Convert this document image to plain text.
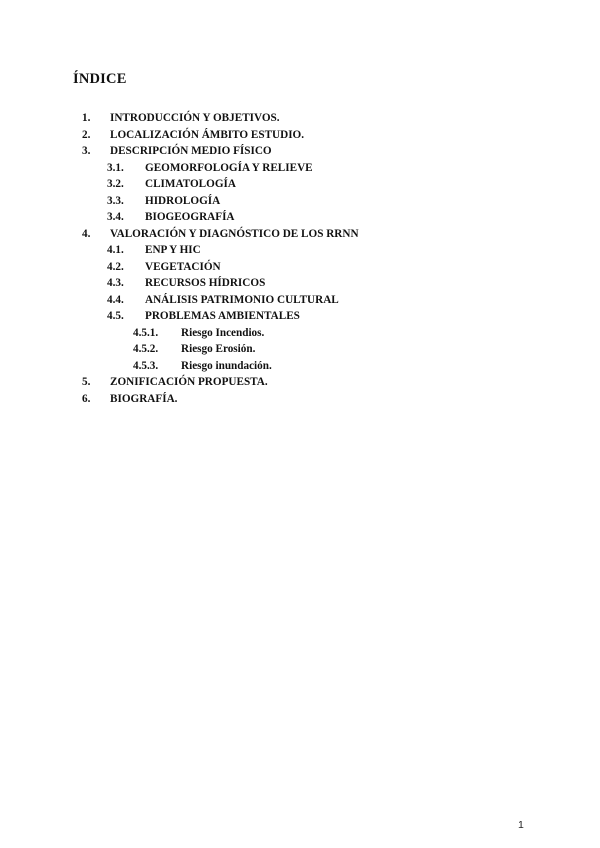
ÍNDICE
1. INTRODUCCIÓN Y OBJETIVOS.
2. LOCALIZACIÓN ÁMBITO ESTUDIO.
3. DESCRIPCIÓN MEDIO FÍSICO
3.1. GEOMORFOLOGÍA Y RELIEVE
3.2. CLIMATOLOGÍA
3.3. HIDROLOGÍA
3.4. BIOGEOGRAFÍA
4. VALORACIÓN Y DIAGNÓSTICO DE LOS RRNN
4.1. ENP Y HIC
4.2. VEGETACIÓN
4.3. RECURSOS HÍDRICOS
4.4. ANÁLISIS PATRIMONIO CULTURAL
4.5. PROBLEMAS AMBIENTALES
4.5.1. Riesgo Incendios.
4.5.2. Riesgo Erosión.
4.5.3. Riesgo inundación.
5. ZONIFICACIÓN PROPUESTA.
6. BIOGRAFÍA.
1
